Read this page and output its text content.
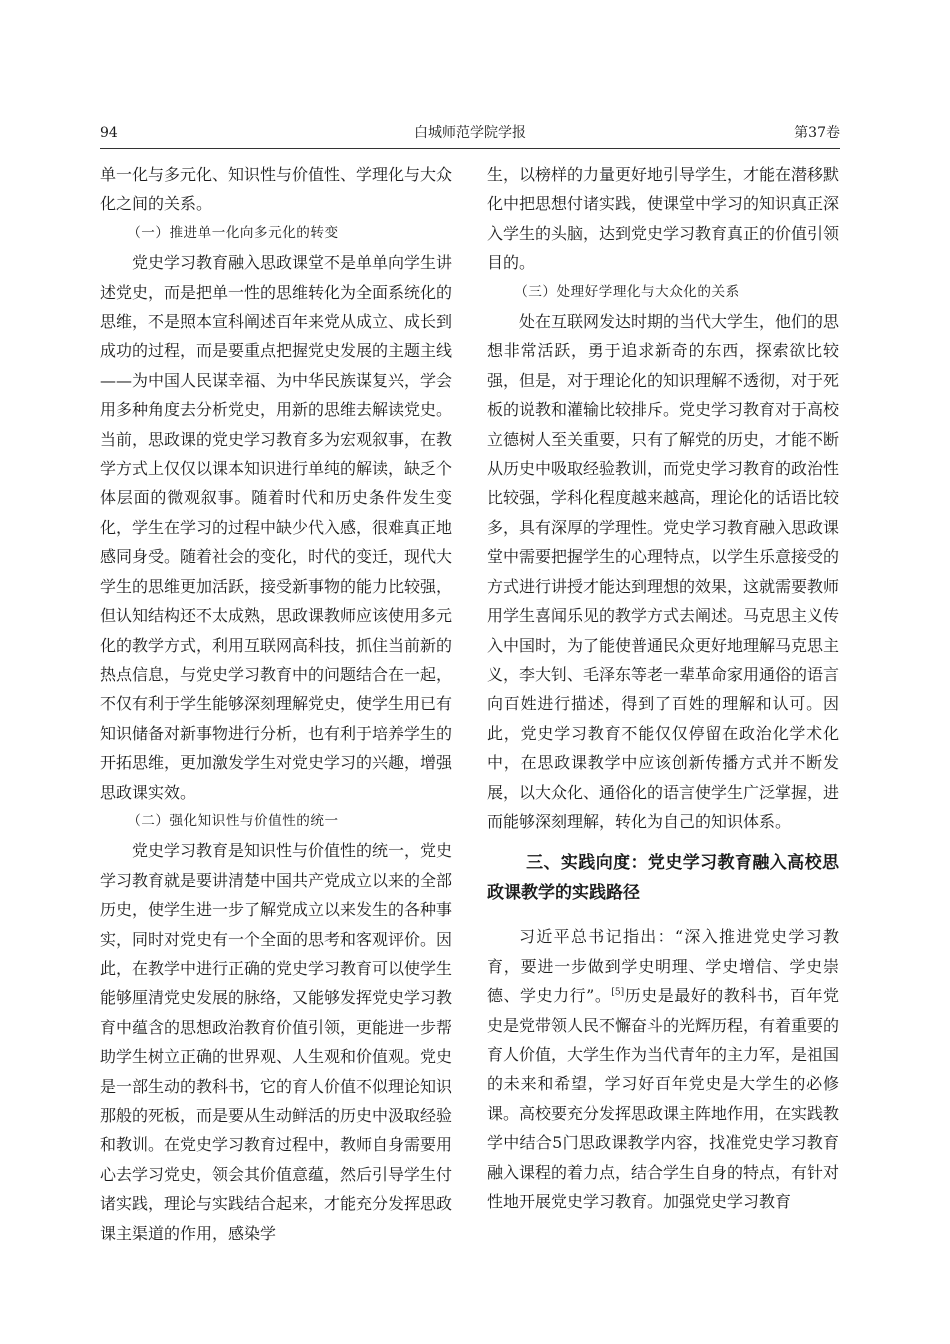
94	白城师范学院学报	第37卷

单一化与多元化、知识性与价值性、学理化与大众化之间的关系。

（一）推进单一化向多元化的转变

党史学习教育融入思政课堂不是单单向学生讲述党史，而是把单一性的思维转化为全面系统化的思维，不是照本宣科阐述百年来党从成立、成长到成功的过程，而是要重点把握党史发展的主题主线——为中国人民谋幸福、为中华民族谋复兴，学会用多种角度去分析党史，用新的思维去解读党史。当前，思政课的党史学习教育多为宏观叙事，在教学方式上仅仅以课本知识进行单纯的解读，缺乏个体层面的微观叙事。随着时代和历史条件发生变化，学生在学习的过程中缺少代入感，很难真正地感同身受。随着社会的变化，时代的变迁，现代大学生的思维更加活跃，接受新事物的能力比较强，但认知结构还不太成熟，思政课教师应该使用多元化的教学方式，利用互联网高科技，抓住当前新的热点信息，与党史学习教育中的问题结合在一起，不仅有利于学生能够深刻理解党史，使学生用已有知识储备对新事物进行分析，也有利于培养学生的开拓思维，更加激发学生对党史学习的兴趣，增强思政课实效。

（二）强化知识性与价值性的统一

党史学习教育是知识性与价值性的统一，党史学习教育就是要讲清楚中国共产党成立以来的全部历史，使学生进一步了解党成立以来发生的各种事实，同时对党史有一个全面的思考和客观评价。因此，在教学中进行正确的党史学习教育可以使学生能够厘清党史发展的脉络，又能够发挥党史学习教育中蕴含的思想政治教育价值引领，更能进一步帮助学生树立正确的世界观、人生观和价值观。党史是一部生动的教科书，它的育人价值不似理论知识那般的死板，而是要从生动鲜活的历史中汲取经验和教训。在党史学习教育过程中，教师自身需要用心去学习党史，领会其价值意蕴，然后引导学生付诸实践，理论与实践结合起来，才能充分发挥思政课主渠道的作用，感染学

生，以榜样的力量更好地引导学生，才能在潜移默化中把思想付诸实践，使课堂中学习的知识真正深入学生的头脑，达到党史学习教育真正的价值引领目的。

（三）处理好学理化与大众化的关系

处在互联网发达时期的当代大学生，他们的思想非常活跃，勇于追求新奇的东西，探索欲比较强，但是，对于理论化的知识理解不透彻，对于死板的说教和灌输比较排斥。党史学习教育对于高校立德树人至关重要，只有了解党的历史，才能不断从历史中吸取经验教训，而党史学习教育的政治性比较强，学科化程度越来越高，理论化的话语比较多，具有深厚的学理性。党史学习教育融入思政课堂中需要把握学生的心理特点，以学生乐意接受的方式进行讲授才能达到理想的效果，这就需要教师用学生喜闻乐见的教学方式去阐述。马克思主义传入中国时，为了能使普通民众更好地理解马克思主义，李大钊、毛泽东等老一辈革命家用通俗的语言向百姓进行描述，得到了百姓的理解和认可。因此，党史学习教育不能仅仅停留在政治化学术化中，在思政课教学中应该创新传播方式并不断发展，以大众化、通俗化的语言使学生广泛掌握，进而能够深刻理解，转化为自己的知识体系。

三、实践向度：党史学习教育融入高校思政课教学的实践路径

习近平总书记指出：“深入推进党史学习教育，要进一步做到学史明理、学史增信、学史崇德、学史力行”。[5]历史是最好的教科书，百年党史是党带领人民不懈奋斗的光辉历程，有着重要的育人价值，大学生作为当代青年的主力军，是祖国的未来和希望，学习好百年党史是大学生的必修课。高校要充分发挥思政课主阵地作用，在实践教学中结合5门思政课教学内容，找准党史学习教育融入课程的着力点，结合学生自身的特点，有针对性地开展党史学习教育。加强党史学习教育
